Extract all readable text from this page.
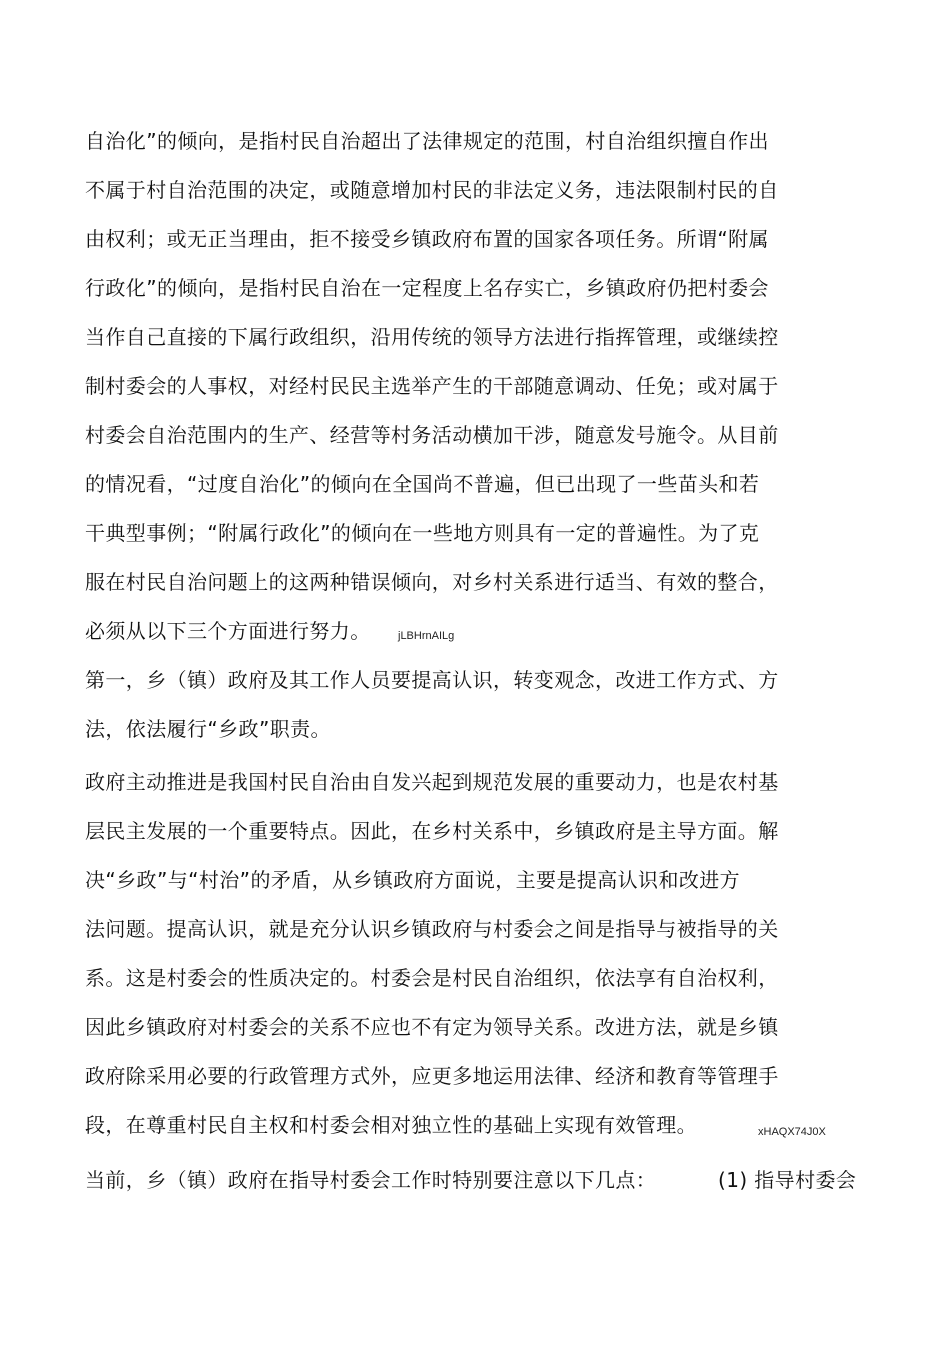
自治化”的倾向，是指村民自治超出了法律规定的范围，村自治组织擅自作出
不属于村自治范围的决定，或随意增加村民的非法定义务，违法限制村民的自
由权利；或无正当理由，拒不接受乡镇政府布置的国家各项任务。所谓“附属
行政化”的倾向，是指村民自治在一定程度上名存实亡，乡镇政府仍把村委会
当作自己直接的下属行政组织，沿用传统的领导方法进行指挥管理，或继续控
制村委会的人事权，对经村民民主选举产生的干部随意调动、任免；或对属于
村委会自治范围内的生产、经营等村务活动横加干涉，随意发号施令。从目前
的情况看，“过度自治化”的倾向在全国尚不普遍，但已出现了一些苗头和若
干典型事例；“附属行政化”的倾向在一些地方则具有一定的普遍性。为了克
服在村民自治问题上的这两种错误倾向，对乡村关系进行适当、有效的整合，
必须从以下三个方面进行努力。 jLBHrnAILg
第一，乡（镇）政府及其工作人员要提高认识，转变观念，改进工作方式、方
法，依法履行“乡政”职责。
政府主动推进是我国村民自治由自发兴起到规范发展的重要动力，也是农村基
层民主发展的一个重要特点。因此，在乡村关系中，乡镇政府是主导方面。解
决“乡政”与“村治”的矛盾，从乡镇政府方面说，主要是提高认识和改进方
法问题。提高认识，就是充分认识乡镇政府与村委会之间是指导与被指导的关
系。这是村委会的性质决定的。村委会是村民自治组织，依法享有自治权利，
因此乡镇政府对村委会的关系不应也不有定为领导关系。改进方法，就是乡镇
政府除采用必要的行政管理方式外，应更多地运用法律、经济和教育等管理手
段，在尊重村民自主权和村委会相对独立性的基础上实现有效管理。	xHAQX74J0X
当前，乡（镇）政府在指导村委会工作时特别要注意以下几点：	(1) 指导村委会
